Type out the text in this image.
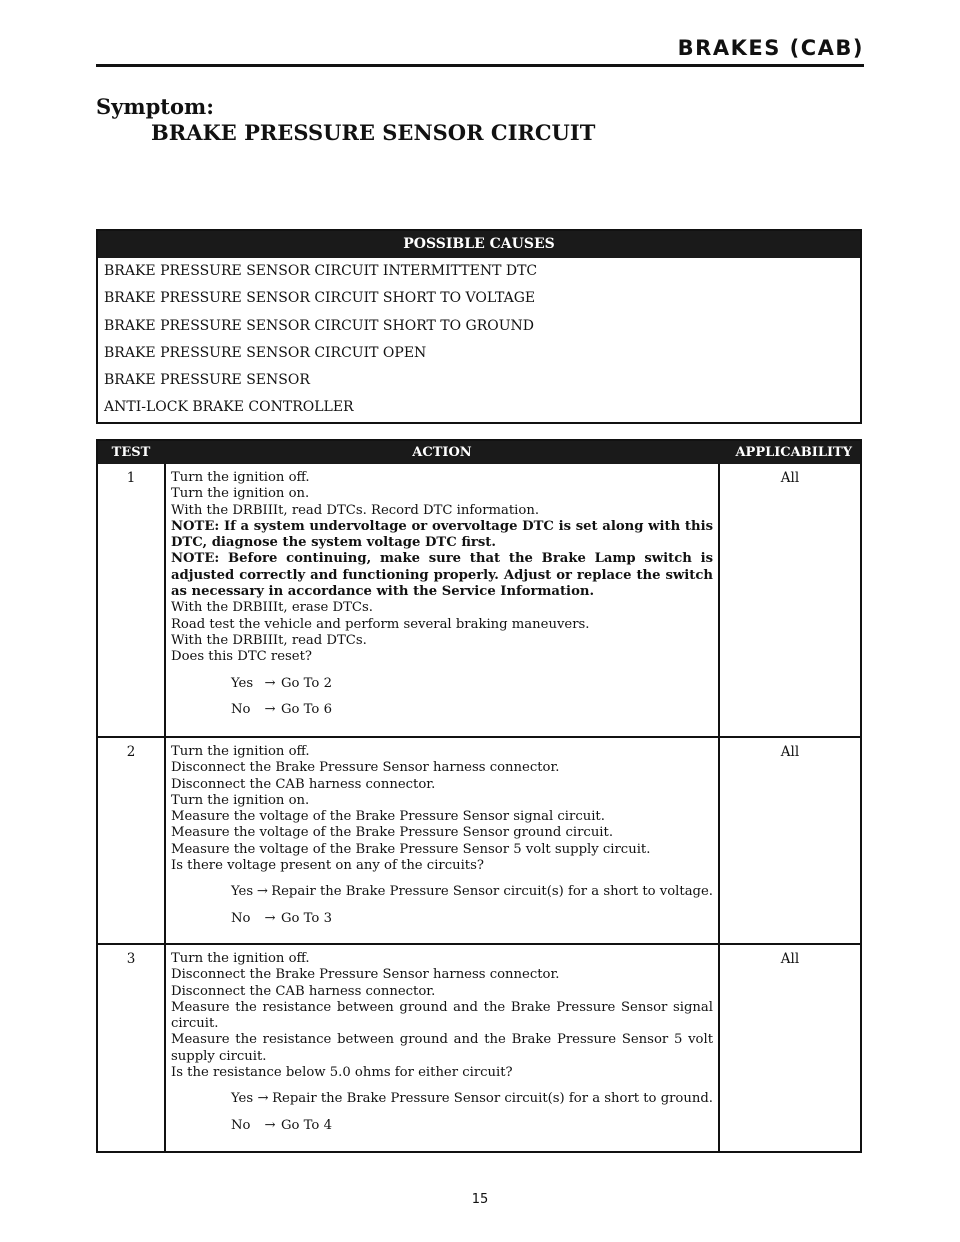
BRAKES (CAB)
Symptom:
BRAKE PRESSURE SENSOR CIRCUIT
POSSIBLE CAUSES
BRAKE PRESSURE SENSOR CIRCUIT INTERMITTENT DTC
BRAKE PRESSURE SENSOR CIRCUIT SHORT TO VOLTAGE
BRAKE PRESSURE SENSOR CIRCUIT SHORT TO GROUND
BRAKE PRESSURE SENSOR CIRCUIT OPEN
BRAKE PRESSURE SENSOR
ANTI-LOCK BRAKE CONTROLLER
TEST	ACTION	APPLICABILITY
1	Turn the ignition off.
Turn the ignition on.
With the DRBIIIt, read DTCs. Record DTC information.
NOTE: If a system undervoltage or overvoltage DTC is set along with this DTC, diagnose the system voltage DTC first.
NOTE: Before continuing, make sure that the Brake Lamp switch is adjusted correctly and functioning properly. Adjust or replace the switch as necessary in accordance with the Service Information.
With the DRBIIIt, erase DTCs.
Road test the vehicle and perform several braking maneuvers.
With the DRBIIIt, read DTCs.
Does this DTC reset?
Yes → Go To 2
No	→ Go To 6
All
2	Turn the ignition off.
Disconnect the Brake Pressure Sensor harness connector.
Disconnect the CAB harness connector.
Turn the ignition on.
Measure the voltage of the Brake Pressure Sensor signal circuit.
Measure the voltage of the Brake Pressure Sensor ground circuit.
Measure the voltage of the Brake Pressure Sensor 5 volt supply circuit.
Is there voltage present on any of the circuits?
Yes → Repair the Brake Pressure Sensor circuit(s) for a short to voltage.
No	→ Go To 3
All
3	Turn the ignition off.
Disconnect the Brake Pressure Sensor harness connector.
Disconnect the CAB harness connector.
Measure the resistance between ground and the Brake Pressure Sensor signal circuit.
Measure the resistance between ground and the Brake Pressure Sensor 5 volt supply circuit.
Is the resistance below 5.0 ohms for either circuit?
Yes → Repair the Brake Pressure Sensor circuit(s) for a short to ground.
No	→ Go To 4
All
15
